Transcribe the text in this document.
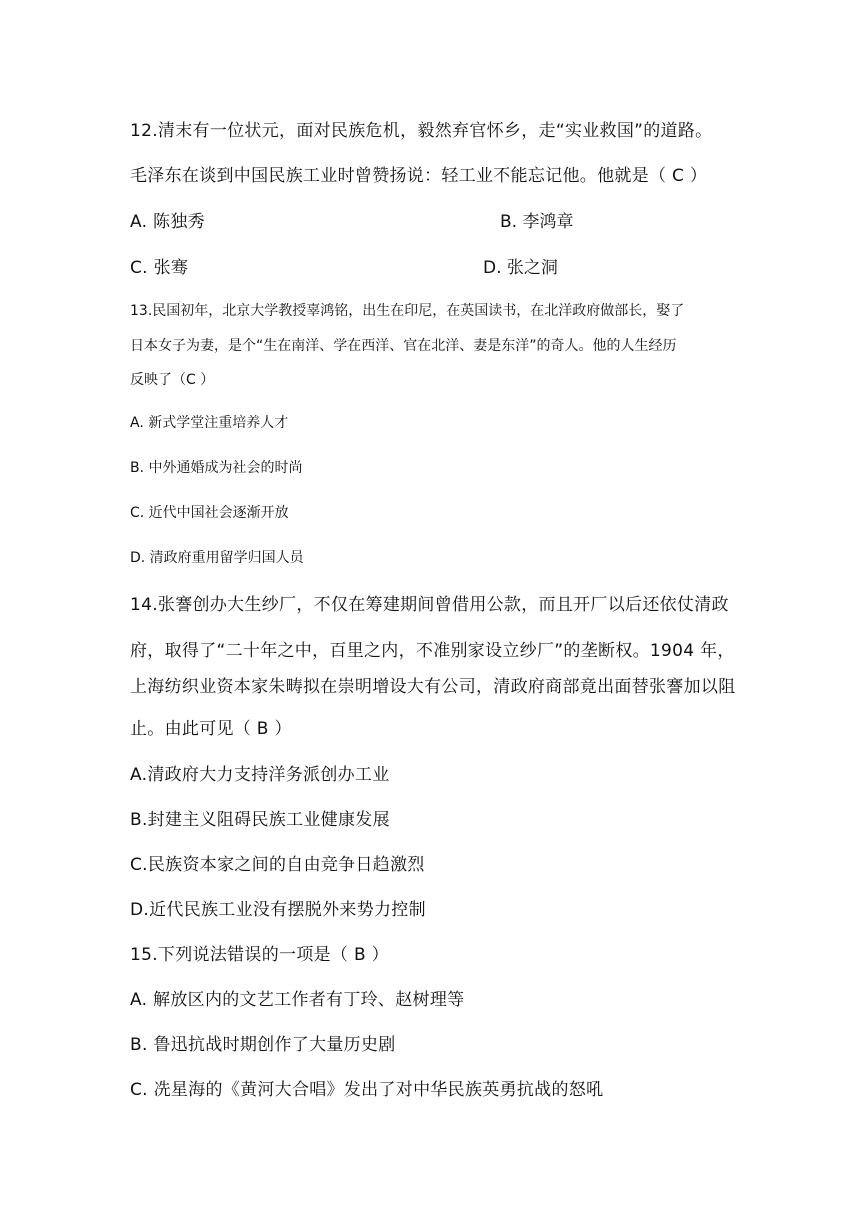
12.清末有一位状元，面对民族危机，毅然弃官怀乡，走“实业救国”的道路。
毛泽东在谈到中国民族工业时曾赞扬说：轻工业不能忘记他。他就是（ C ）
A. 陈独秀	B. 李鸿章
C. 张骞	D. 张之洞
13.民国初年，北京大学教授辜鸿铭，出生在印尼，在英国读书，在北洋政府做部长，娶了
日本女子为妻，是个“生在南洋、学在西洋、官在北洋、妻是东洋”的奇人。他的人生经历
反映了（C ）
A. 新式学堂注重培养人才
B. 中外通婚成为社会的时尚
C. 近代中国社会逐渐开放
D. 清政府重用留学归国人员
14.张謇创办大生纱厂，不仅在筹建期间曾借用公款，而且开厂以后还依仗清政
府，取得了“二十年之中，百里之内，不准别家设立纱厂”的垄断权。1904 年，
上海纺织业资本家朱畴拟在崇明增设大有公司，清政府商部竟出面替张謇加以阻
止。由此可见（ B ）
A.清政府大力支持洋务派创办工业
B.封建主义阻碍民族工业健康发展
C.民族资本家之间的自由竞争日趋激烈
D.近代民族工业没有摆脱外来势力控制
15.下列说法错误的一项是（ B ）
A. 解放区内的文艺工作者有丁玲、赵树理等
B. 鲁迅抗战时期创作了大量历史剧
C. 冼星海的《黄河大合唱》发出了对中华民族英勇抗战的怒吼
